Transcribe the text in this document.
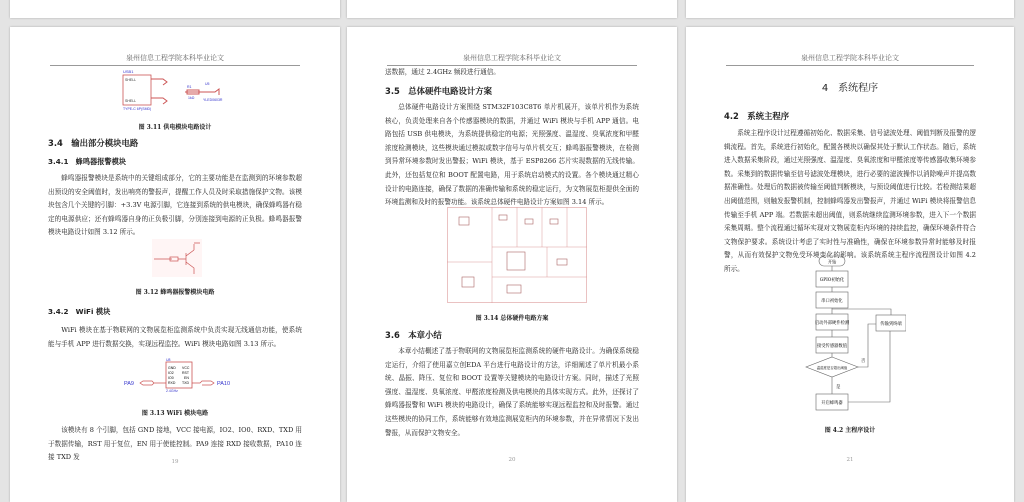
泉州信息工程学院本科毕业论文
USB1
SHELL
SHELL
TYPE-C 6P(SMD)
R1
1kΩ
U5
YLED0603R
图 3.11 供电模块电路设计
3.4　输出部分模块电路
3.4.1　蜂鸣器报警模块
蜂鸣器报警模块是系统中的关键组成部分，它的主要功能是在监测到的环境参数超出预设的安全阈值时，发出响亮的警报声，提醒工作人员及时采取措施保护文物。该模块包含几个关键的引脚：+3.3V 电源引脚，它连接到系统的供电模块，确保蜂鸣器有稳定的电源供应；还有蜂鸣器自身的正负极引脚，分别连接到电源的正负极。蜂鸣器报警模块电路设计如图 3.12 所示。
图 3.12 蜂鸣器报警模块电路
3.4.2　WiFi 模块
WiFi 模块在基于物联网的文物展览柜监测系统中负责实现无线通信功能，使系统能与手机 APP 进行数据交换，实现远程监控。WiFi 模块电路如图 3.13 所示。
U8
GND
IO2
IO0
RXD
VCC
RST
EN
TXD
2.4GHz
PA9	PA10
图 3.13 WiFi 模块电路
该模块有 8 个引脚，包括 GND 接地，VCC 接电源，IO2、IO0、RXD、TXD 用于数据传输，RST 用于复位，EN 用于使能控制。PA9 连接 RXD 接收数据，PA10 连接 TXD 发
19
泉州信息工程学院本科毕业论文
送数据，通过 2.4GHz 频段进行通信。
3.5　总体硬件电路设计方案
总体硬件电路设计方案围绕 STM32F103C8T6 单片机展开，该单片机作为系统核心，负责处理来自各个传感器模块的数据，并通过 WiFi 模块与手机 APP 通信。电路包括 USB 供电模块，为系统提供稳定的电源；光照强度、温湿度、臭氧浓度和甲醛浓度检测模块，这些模块通过模拟或数字信号与单片机交互；蜂鸣器报警模块，在检测到异常环境参数时发出警报；WiFi 模块，基于 ESP8266 芯片实现数据的无线传输。此外，还包括复位和 BOOT 配置电路，用于系统启动模式的设置。各个模块通过精心设计的电路连接，确保了数据的准确传输和系统的稳定运行，为文物展览柜提供全面的环境监测和及时的报警功能。该系统总体硬件电路设计方案如图 3.14 所示。
图 3.14 总体硬件电路方案
3.6　本章小结
本章小结概述了基于物联网的文物展览柜监测系统的硬件电路设计。为确保系统稳定运行，介绍了使用嘉立创EDA 平台进行电路设计的方法，详细阐述了单片机最小系统、晶振、降压、复位和 BOOT 设置等关键模块的电路设计方案。同时，描述了光照强度、温湿度、臭氧浓度、甲醛浓度检测及供电模块的具体实现方式。此外，还探讨了蜂鸣器报警和 WiFi 模块的电路设计，确保了系统能够实现远程监控和及时报警。通过这些模块的协同工作，系统能够有效地监测展览柜内的环境参数，并在异常情况下发出警报，从而保护文物安全。
20
泉州信息工程学院本科毕业论文
4　系统程序
4.2　系统主程序
系统主程序设计过程遵循初始化、数据采集、信号滤波处理、阈值判断及报警的逻辑流程。首先，系统进行初始化，配置各模块以确保其处于默认工作状态。随后，系统进入数据采集阶段，通过光照强度、温湿度、臭氧浓度和甲醛浓度等传感器收集环境参数。采集到的数据传输至信号滤波处理模块，进行必要的滤波操作以消除噪声并提高数据准确性。处理后的数据被传输至阈值判断模块，与预设阈值进行比较。若检测结果超出阈值范围，则触发报警机制，控制蜂鸣器发出警报声，并通过 WiFi 模块将报警信息传输至手机 APP 端。若数据未超出阈值，则系统继续监测环境参数，进入下一个数据采集周期。整个流程通过循环实现对文物展览柜内环境的持续监控，确保环境条件符合文物保护要求。系统设计考虑了实时性与准确性，确保在环境参数异常时能够及时报警，从而有效保护文物免受环境变化的影响。该系统系统主程序流程图设计如图 4.2 所示。
开始
GPIO初始化
串口初始化
启动外部硬件检测
接受传感器数值
温湿度是否超出阈值
开启蜂鸣器
传输到终端
否
是
图 4.2 主程序设计
21
